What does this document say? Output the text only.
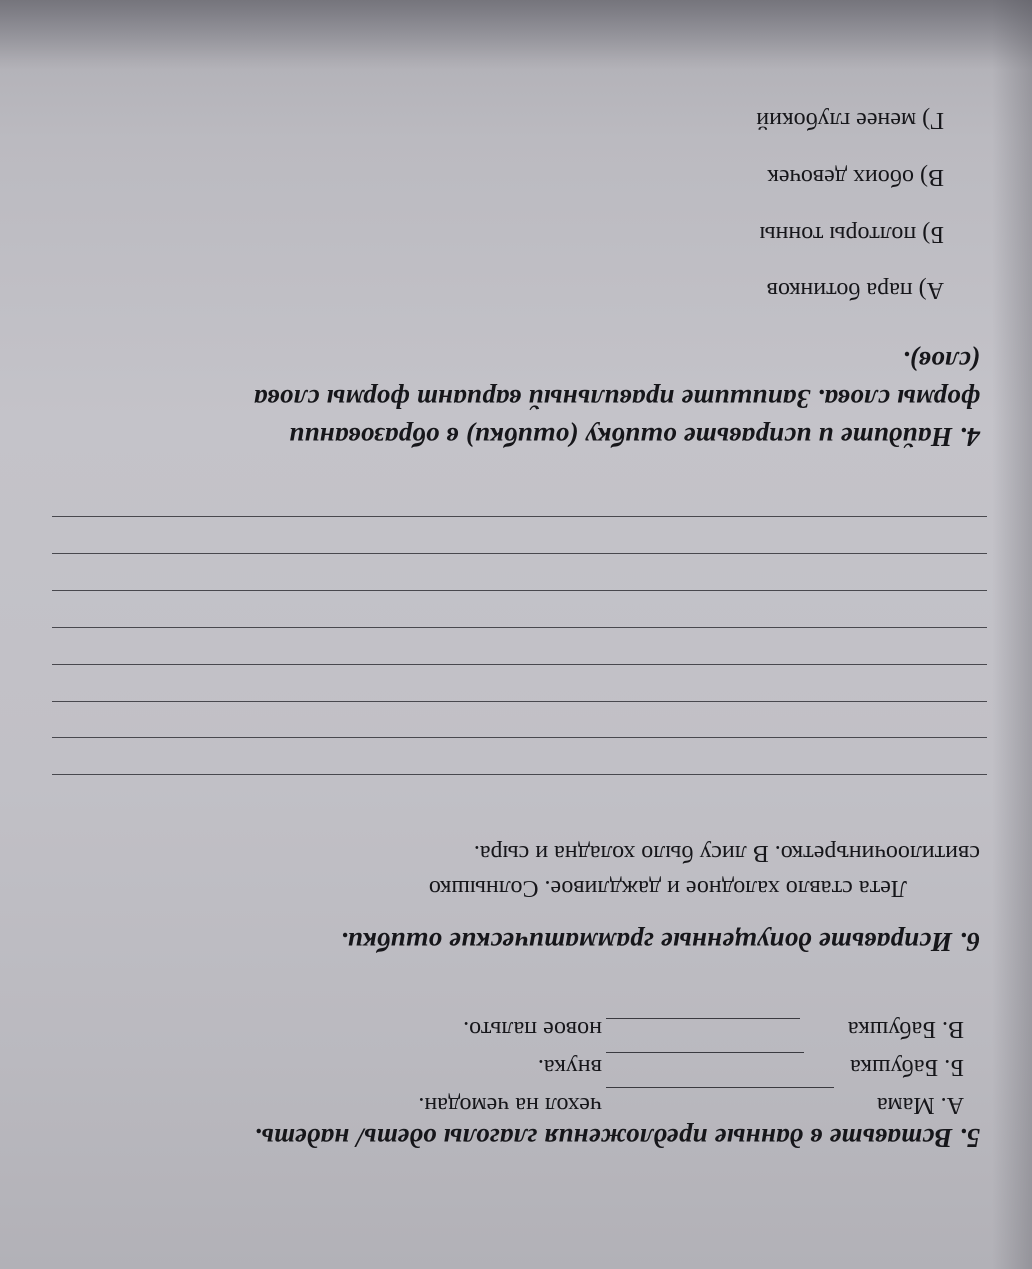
5. Вставьте в данные предложения глаголы одеть/ надеть.
А. Мама
чехол на чемодан.
Б. Бабушка
внука.
В. Бабушка
новое пальто.
6. Исправьте допущенные грамматические ошибки.
Лета ставло халодное и даждливое. Солнышко
свитилоочинъретко. В лису было холадна и сыра.
4. Найдите и исправьте ошибку (ошибки) в образовании
формы слова. Запишите правильный вариант формы слова
(слов).
А) пара ботинков
Б) полторы тонны
В) обоих девочек
Г) менее глубокий
